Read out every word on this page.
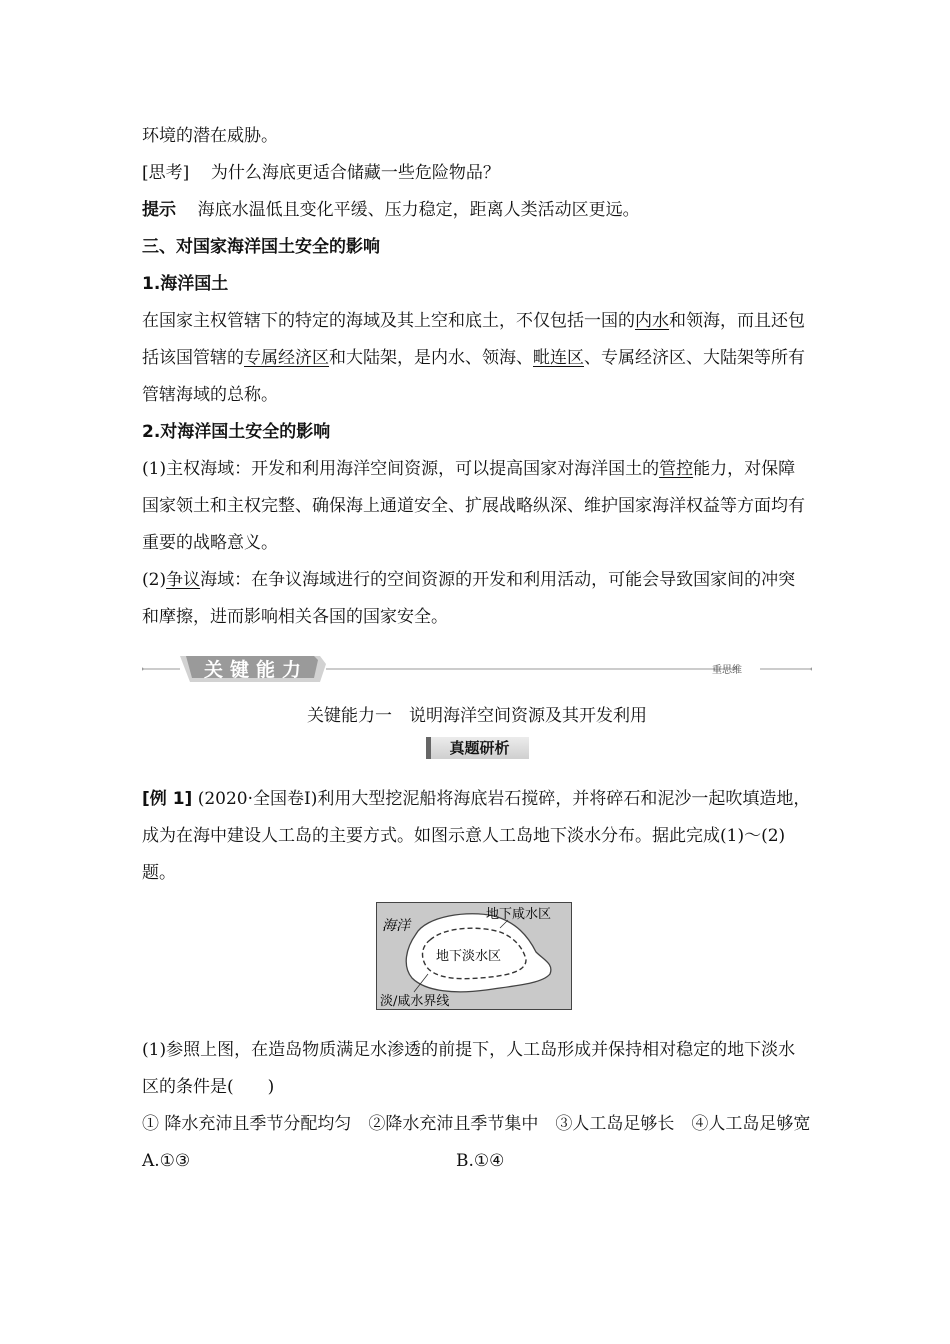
环境的潜在威胁。

[思考] 为什么海底更适合储藏一些危险物品？

提示 海底水温低且变化平缓、压力稳定，距离人类活动区更远。

三、对国家海洋国土安全的影响

1.海洋国土

在国家主权管辖下的特定的海域及其上空和底土，不仅包括一国的内水和领海，而且还包括该国管辖的专属经济区和大陆架，是内水、领海、毗连区、专属经济区、大陆架等所有管辖海域的总称。

2.对海洋国土安全的影响

(1)主权海域：开发和利用海洋空间资源，可以提高国家对海洋国土的管控能力，对保障国家领土和主权完整、确保海上通道安全、扩展战略纵深、维护国家海洋权益等方面均有重要的战略意义。

(2)争议海域：在争议海域进行的空间资源的开发和利用活动，可能会导致国家间的冲突和摩擦，进而影响相关各国的国家安全。

关键能力	重思维

关键能力一　说明海洋空间资源及其开发利用

真题研析

[例 1] (2020·全国卷Ⅰ)利用大型挖泥船将海底岩石搅碎，并将碎石和泥沙一起吹填造地，成为在海中建设人工岛的主要方式。如图示意人工岛地下淡水分布。据此完成(1)～(2)题。

海洋
地下咸水区
地下淡水区
淡/咸水界线

(1)参照上图，在造岛物质满足水渗透的前提下，人工岛形成并保持相对稳定的地下淡水区的条件是(　　)

① 降水充沛且季节分配均匀　②降水充沛且季节集中　③人工岛足够长　④人工岛足够宽

A.①③	B.①④
